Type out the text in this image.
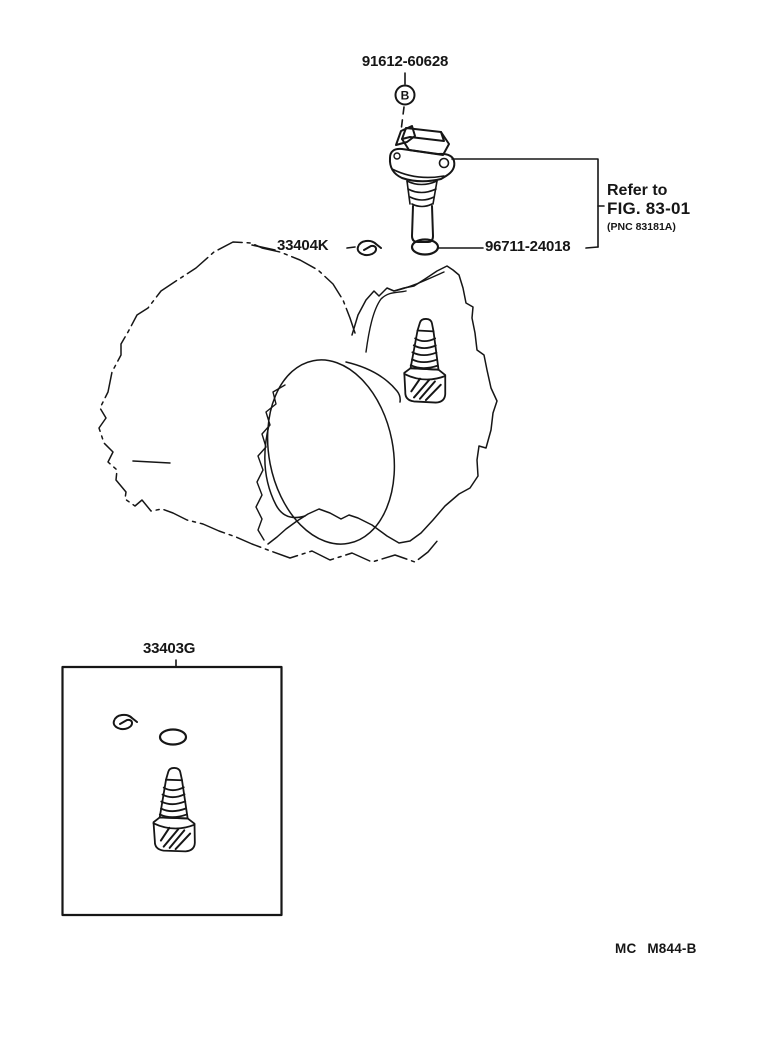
B
91612-60628
33404K	96711-24018
Refer to
FIG. 83-01
(PNC 83181A)
33403G
MC M844-B
